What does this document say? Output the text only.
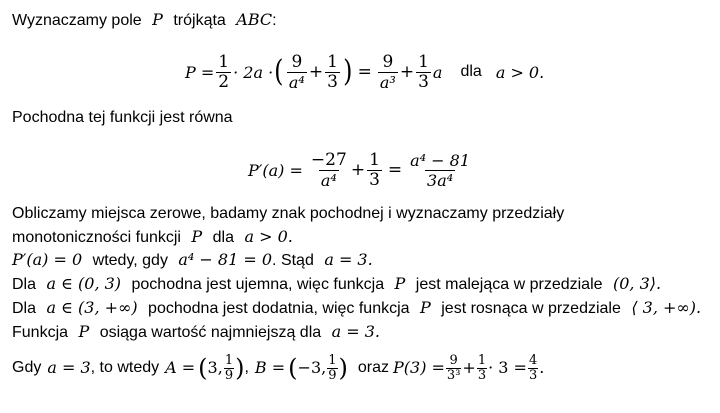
Wyznaczamy pole P trójkąta ABC:
$P = \frac{1}{2} \cdot 2a$ · ( $\frac{9}{\text{a⁴}} + \frac{1}{3}$ ) = $\frac{9}{\text{a³}} + \frac{1}{3}$ a dla a > 0.
Pochodna tej funkcji jest równa
$P'(a) = \frac{-27}{\text{a⁴}} + \frac{1}{3} = \frac{\text{a⁴ − 81}}{\text{3a⁴}}$
Obliczamy miejsca zerowe, badamy znak pochodnej i wyznaczamy przedziały
monotoniczności funkcji P dla a > 0.
P′(a) = 0 wtedy, gdy a⁴ − 81 = 0. Stąd a = 3.
Dla a ∈ (0, 3) pochodna jest ujemna, więc funkcja P jest malejąca w przedziale (0, 3⟩.
Dla a ∈ (3, +∞) pochodna jest dodatnia, więc funkcja P jest rosnąca w przedziale ⟨ 3, +∞).
Funkcja P osiąga wartość najmniejszą dla a = 3.
Gdy a = 3 , to wtedy A = ( 3, $\frac{1}{9}$ ) , B = ( −3, $\frac{1}{9}$ ) oraz $P(3) = \frac{9}{\text{3³}} + \frac{1}{3} \cdot 3 = \frac{4}{3}$ .
